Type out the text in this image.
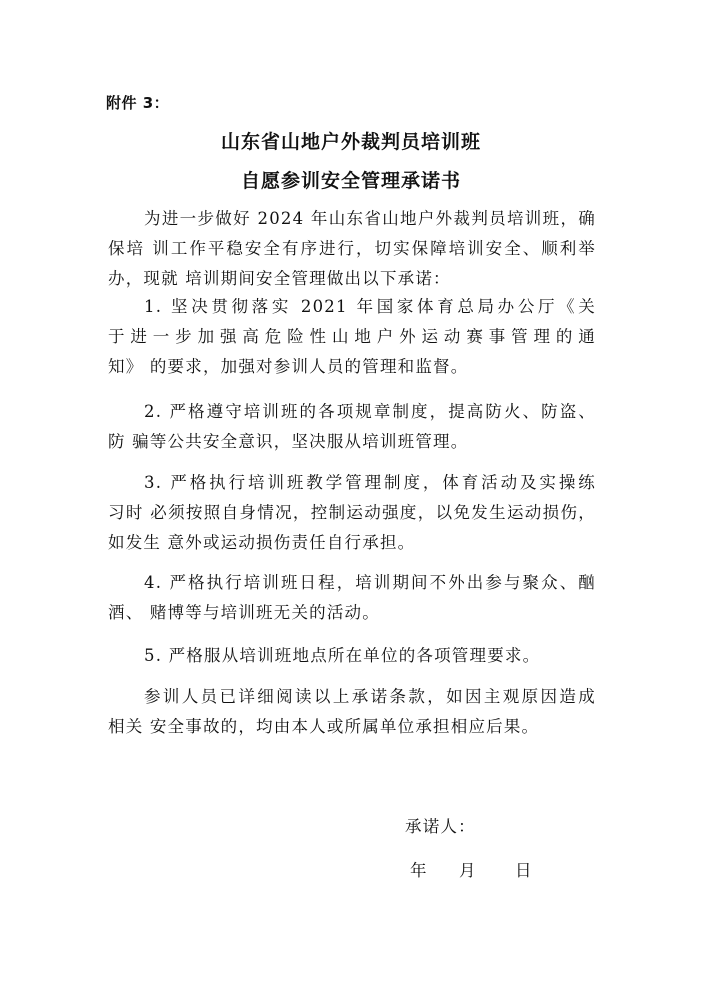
附件 3：
山东省山地户外裁判员培训班
自愿参训安全管理承诺书
为进一步做好 2024 年山东省山地户外裁判员培训班，确
保培 训工作平稳安全有序进行，切实保障培训安全、顺利举
办，现就 培训期间安全管理做出以下承诺：
1. 坚决贯彻落实 2021 年国家体育总局办公厅《关
于进一步加强高危险性山地户外运动赛事管理的通
知》 的要求，加强对参训人员的管理和监督。
2. 严格遵守培训班的各项规章制度，提高防火、防盗、
防 骗等公共安全意识，坚决服从培训班管理。
3. 严格执行培训班教学管理制度，体育活动及实操练
习时 必须按照自身情况，控制运动强度，以免发生运动损伤，
如发生 意外或运动损伤责任自行承担。
4. 严格执行培训班日程，培训期间不外出参与聚众、酗
酒、 赌博等与培训班无关的活动。
5. 严格服从培训班地点所在单位的各项管理要求。
参训人员已详细阅读以上承诺条款，如因主观原因造成
相关 安全事故的，均由本人或所属单位承担相应后果。
承诺人：
年 月 日
